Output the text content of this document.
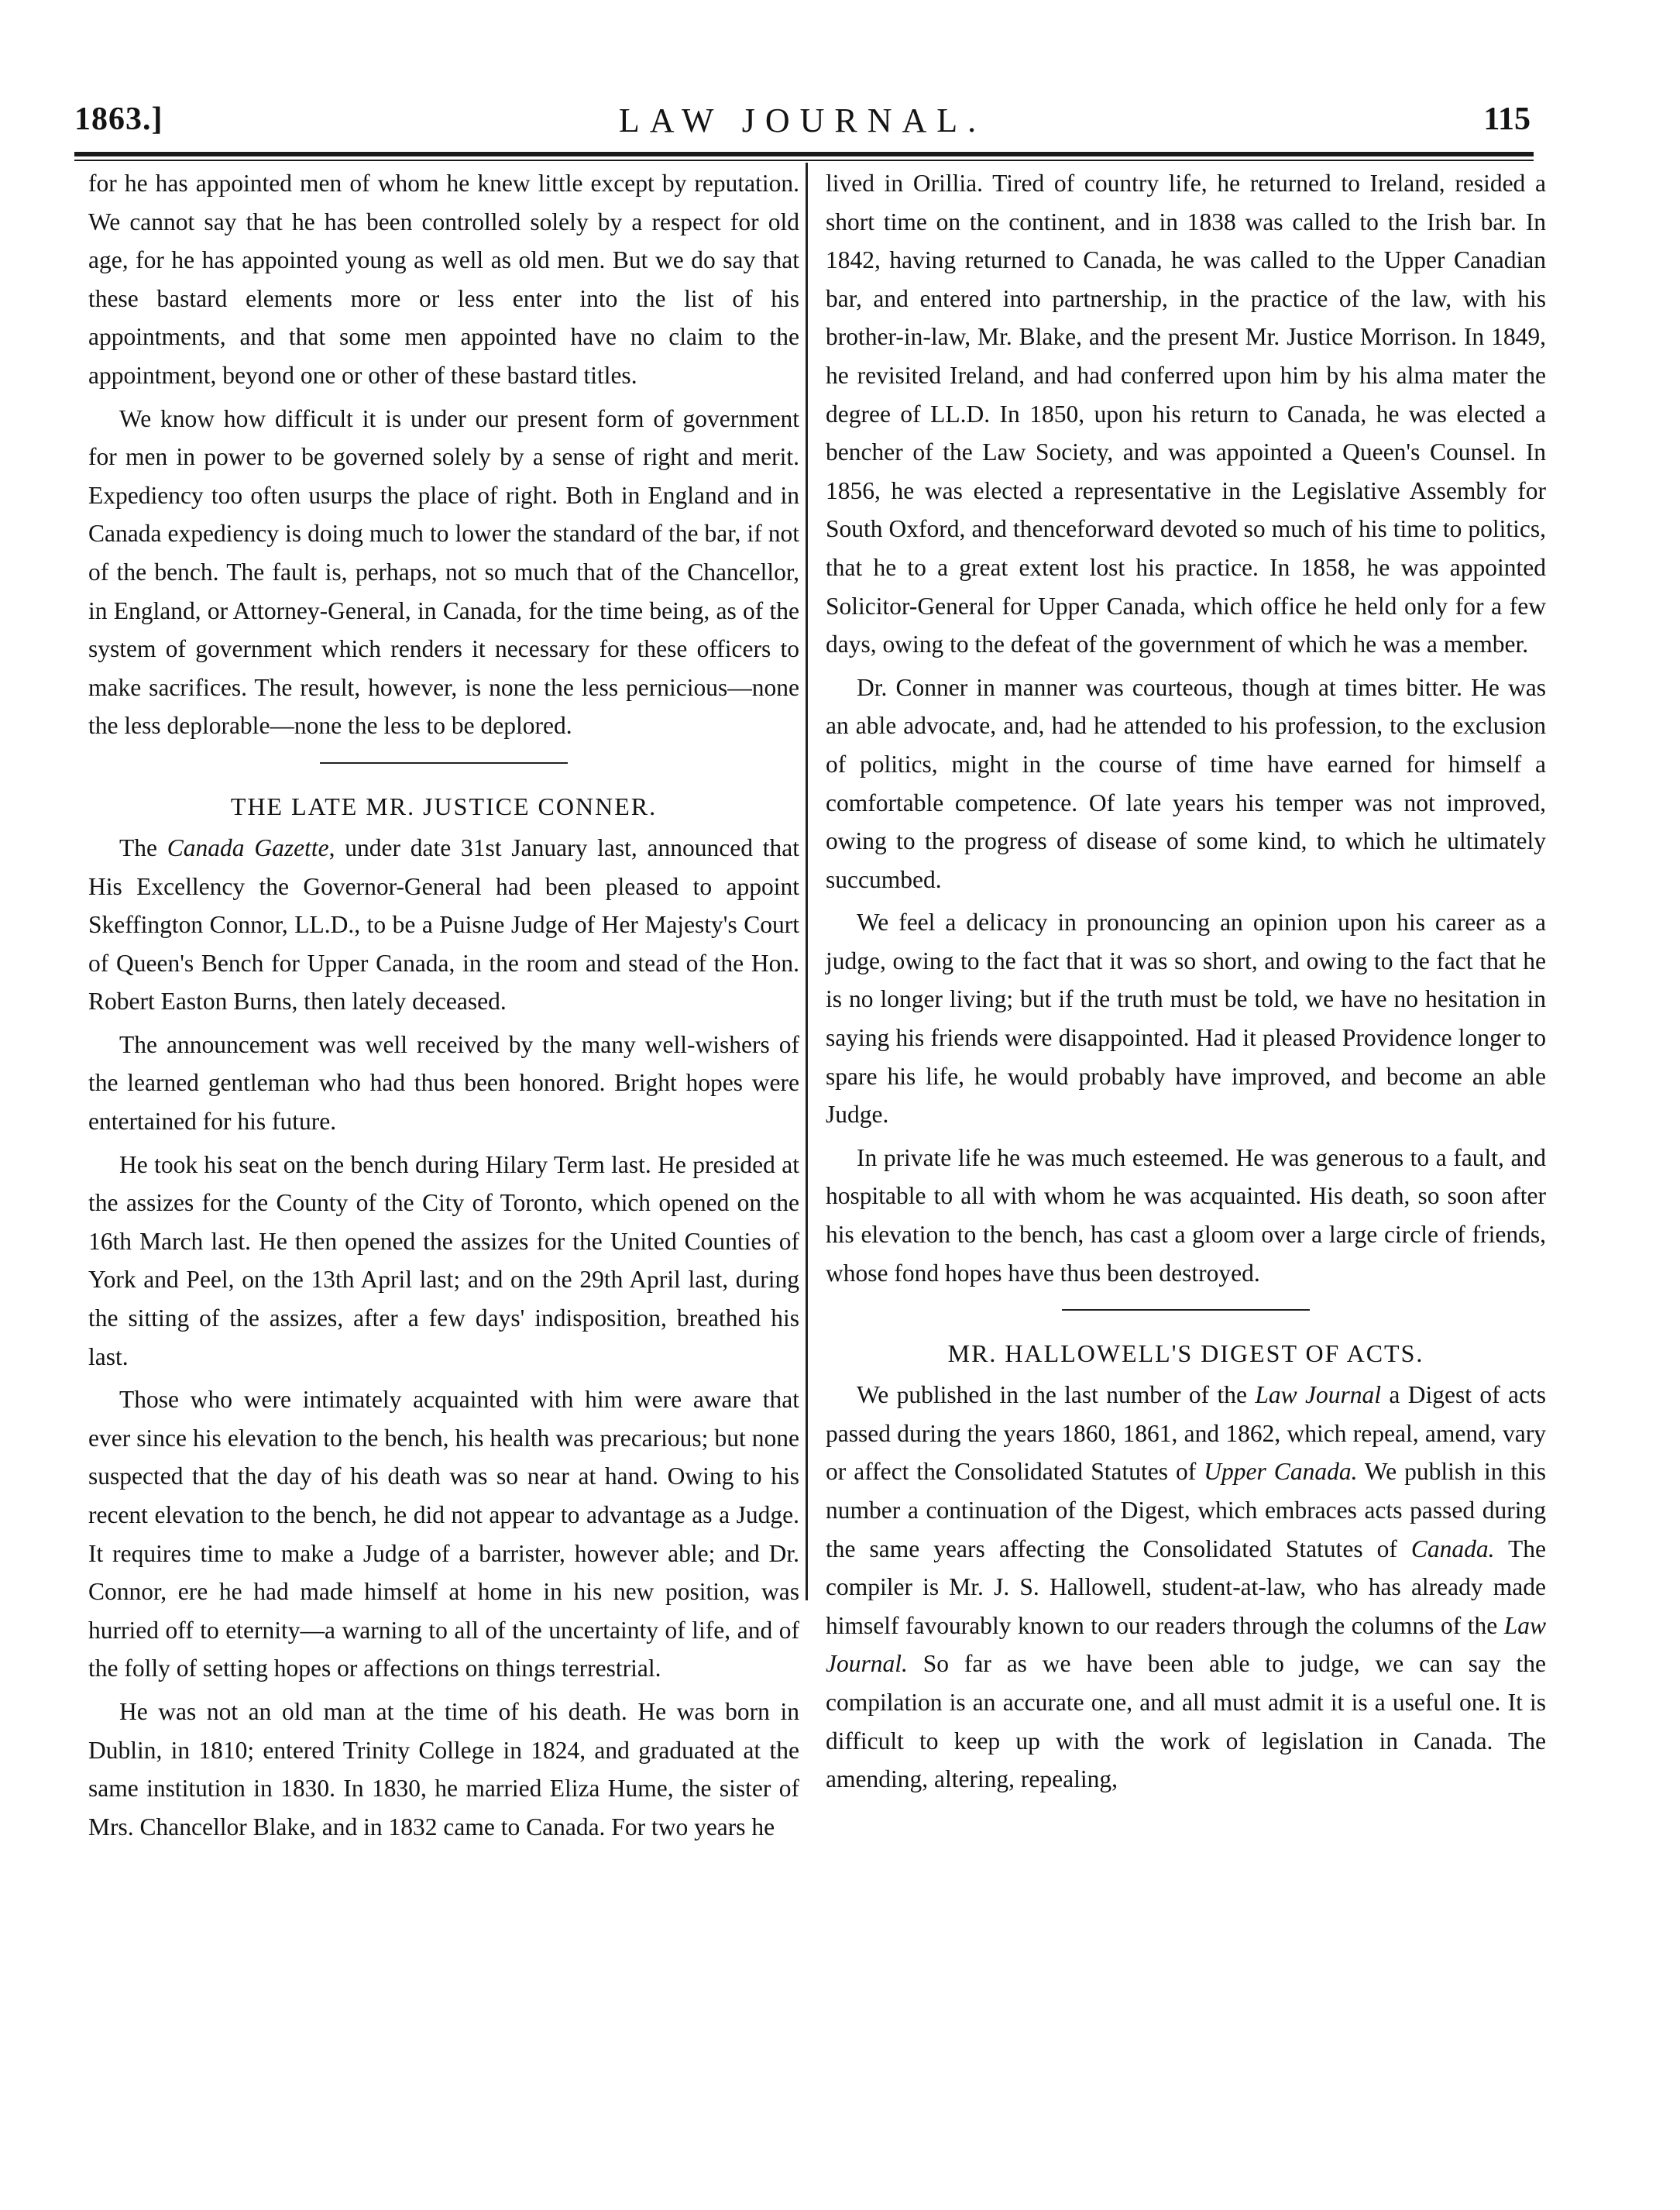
1863.]	LAW JOURNAL.	115

for he has appointed men of whom he knew little except by reputation. We cannot say that he has been controlled solely by a respect for old age, for he has appointed young as well as old men. But we do say that these bastard elements more or less enter into the list of his appointments, and that some men appointed have no claim to the appointment, beyond one or other of these bastard titles.

We know how difficult it is under our present form of government for men in power to be governed solely by a sense of right and merit. Expediency too often usurps the place of right. Both in England and in Canada expediency is doing much to lower the standard of the bar, if not of the bench. The fault is, perhaps, not so much that of the Chancellor, in England, or Attorney-General, in Canada, for the time being, as of the system of government which renders it necessary for these officers to make sacrifices. The result, however, is none the less pernicious—none the less deplorable—none the less to be deplored.

THE LATE MR. JUSTICE CONNER.

The Canada Gazette, under date 31st January last, announced that His Excellency the Governor-General had been pleased to appoint Skeffington Connor, LL.D., to be a Puisne Judge of Her Majesty's Court of Queen's Bench for Upper Canada, in the room and stead of the Hon. Robert Easton Burns, then lately deceased.

The announcement was well received by the many well-wishers of the learned gentleman who had thus been honored. Bright hopes were entertained for his future.

He took his seat on the bench during Hilary Term last. He presided at the assizes for the County of the City of Toronto, which opened on the 16th March last. He then opened the assizes for the United Counties of York and Peel, on the 13th April last; and on the 29th April last, during the sitting of the assizes, after a few days' indisposition, breathed his last.

Those who were intimately acquainted with him were aware that ever since his elevation to the bench, his health was precarious; but none suspected that the day of his death was so near at hand. Owing to his recent elevation to the bench, he did not appear to advantage as a Judge. It requires time to make a Judge of a barrister, however able; and Dr. Connor, ere he had made himself at home in his new position, was hurried off to eternity—a warning to all of the uncertainty of life, and of the folly of setting hopes or affections on things terrestrial.

He was not an old man at the time of his death. He was born in Dublin, in 1810; entered Trinity College in 1824, and graduated at the same institution in 1830. In 1830, he married Eliza Hume, the sister of Mrs. Chancellor Blake, and in 1832 came to Canada. For two years he

lived in Orillia. Tired of country life, he returned to Ireland, resided a short time on the continent, and in 1838 was called to the Irish bar. In 1842, having returned to Canada, he was called to the Upper Canadian bar, and entered into partnership, in the practice of the law, with his brother-in-law, Mr. Blake, and the present Mr. Justice Morrison. In 1849, he revisited Ireland, and had conferred upon him by his alma mater the degree of LL.D. In 1850, upon his return to Canada, he was elected a bencher of the Law Society, and was appointed a Queen's Counsel. In 1856, he was elected a representative in the Legislative Assembly for South Oxford, and thenceforward devoted so much of his time to politics, that he to a great extent lost his practice. In 1858, he was appointed Solicitor-General for Upper Canada, which office he held only for a few days, owing to the defeat of the government of which he was a member.

Dr. Conner in manner was courteous, though at times bitter. He was an able advocate, and, had he attended to his profession, to the exclusion of politics, might in the course of time have earned for himself a comfortable competence. Of late years his temper was not improved, owing to the progress of disease of some kind, to which he ultimately succumbed.

We feel a delicacy in pronouncing an opinion upon his career as a judge, owing to the fact that it was so short, and owing to the fact that he is no longer living; but if the truth must be told, we have no hesitation in saying his friends were disappointed. Had it pleased Providence longer to spare his life, he would probably have improved, and become an able Judge.

In private life he was much esteemed. He was generous to a fault, and hospitable to all with whom he was acquainted. His death, so soon after his elevation to the bench, has cast a gloom over a large circle of friends, whose fond hopes have thus been destroyed.

MR. HALLOWELL'S DIGEST OF ACTS.

We published in the last number of the Law Journal a Digest of acts passed during the years 1860, 1861, and 1862, which repeal, amend, vary or affect the Consolidated Statutes of Upper Canada. We publish in this number a continuation of the Digest, which embraces acts passed during the same years affecting the Consolidated Statutes of Canada. The compiler is Mr. J. S. Hallowell, student-at-law, who has already made himself favourably known to our readers through the columns of the Law Journal. So far as we have been able to judge, we can say the compilation is an accurate one, and all must admit it is a useful one. It is difficult to keep up with the work of legislation in Canada. The amending, altering, repealing,
